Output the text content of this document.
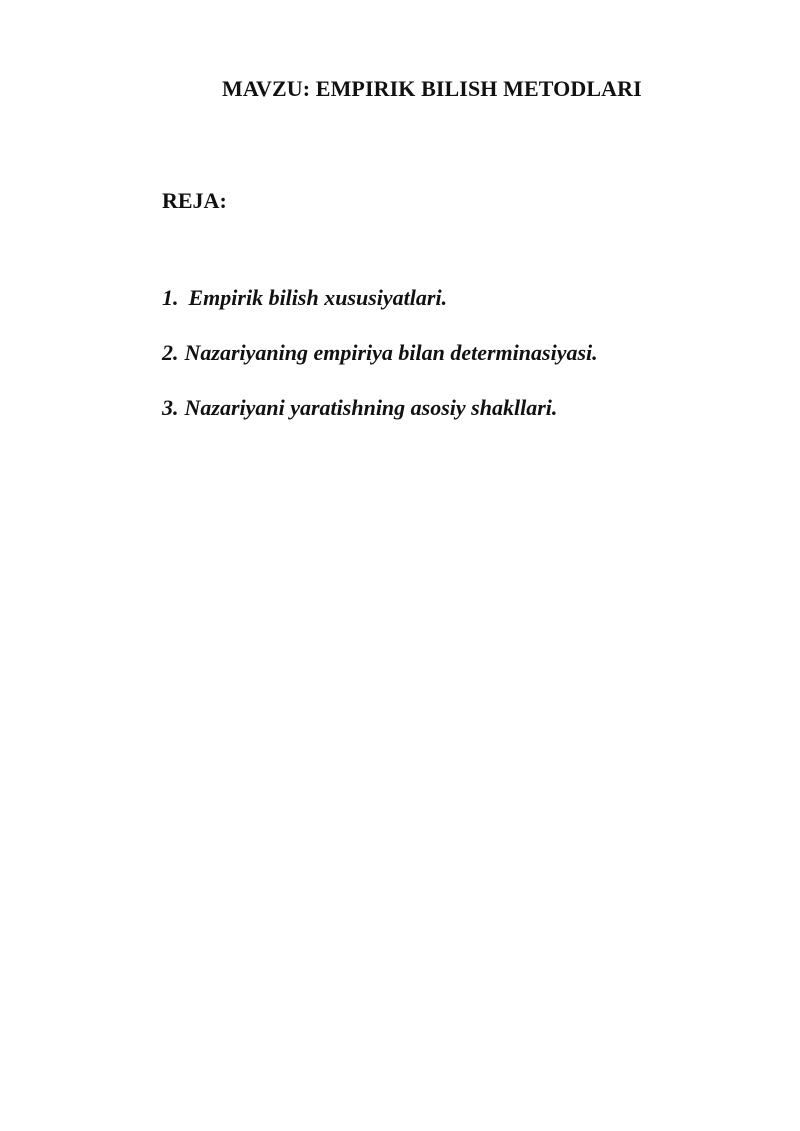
MAVZU: EMPIRIK BILISH METODLARI
REJA:
1. Empirik bilish xususiyatlari.
2. Nazariyaning empiriya bilan determinasiyasi.
3. Nazariyani yaratishning asosiy shakllari.
